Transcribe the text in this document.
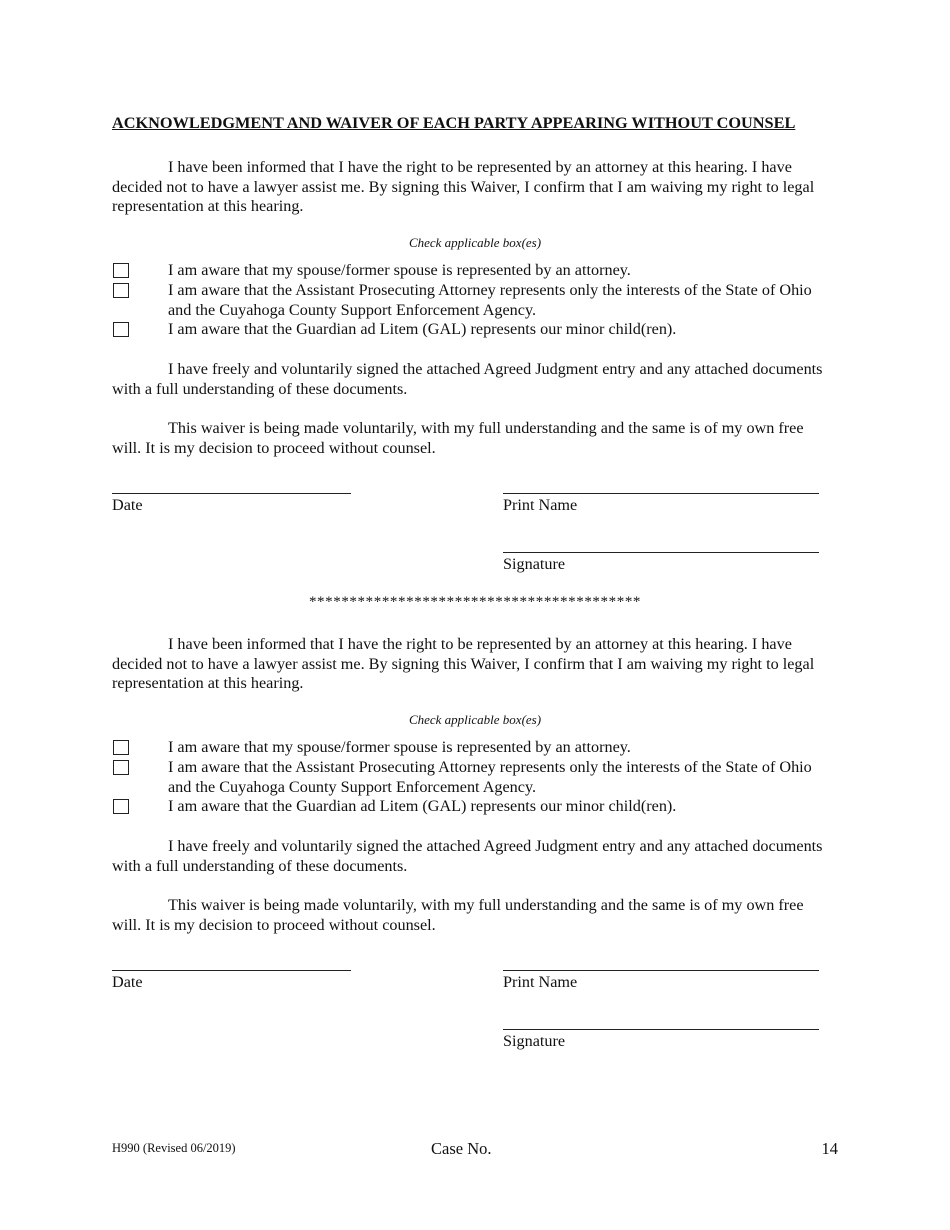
ACKNOWLEDGMENT AND WAIVER OF EACH PARTY APPEARING WITHOUT COUNSEL
I have been informed that I have the right to be represented by an attorney at this hearing. I have decided not to have a lawyer assist me. By signing this Waiver, I confirm that I am waiving my right to legal representation at this hearing.
Check applicable box(es)
I am aware that my spouse/former spouse is represented by an attorney.
I am aware that the Assistant Prosecuting Attorney represents only the interests of the State of Ohio and the Cuyahoga County Support Enforcement Agency.
I am aware that the Guardian ad Litem (GAL) represents our minor child(ren).
I have freely and voluntarily signed the attached Agreed Judgment entry and any attached documents with a full understanding of these documents.
This waiver is being made voluntarily, with my full understanding and the same is of my own free will. It is my decision to proceed without counsel.
Date	Print Name
Signature
*****************************************
I have been informed that I have the right to be represented by an attorney at this hearing. I have decided not to have a lawyer assist me. By signing this Waiver, I confirm that I am waiving my right to legal representation at this hearing.
Check applicable box(es)
I am aware that my spouse/former spouse is represented by an attorney.
I am aware that the Assistant Prosecuting Attorney represents only the interests of the State of Ohio and the Cuyahoga County Support Enforcement Agency.
I am aware that the Guardian ad Litem (GAL) represents our minor child(ren).
I have freely and voluntarily signed the attached Agreed Judgment entry and any attached documents with a full understanding of these documents.
This waiver is being made voluntarily, with my full understanding and the same is of my own free will. It is my decision to proceed without counsel.
Date	Print Name
Signature
H990 (Revised 06/2019)	Case No.	14
